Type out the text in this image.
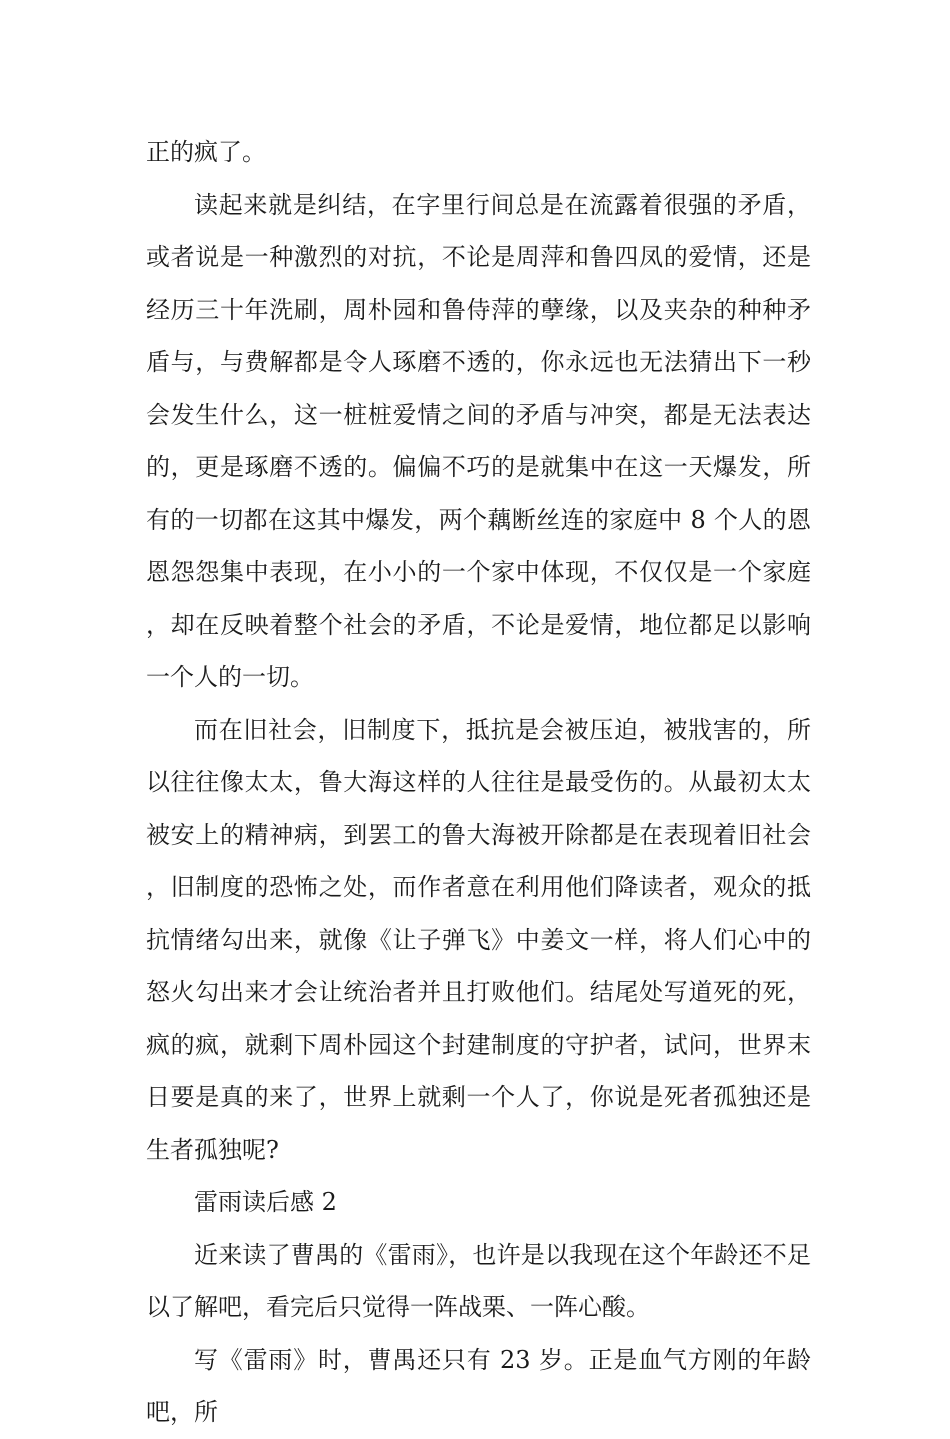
正的疯了。

读起来就是纠结，在字里行间总是在流露着很强的矛盾，或者说是一种激烈的对抗，不论是周萍和鲁四凤的爱情，还是经历三十年洗刷，周朴园和鲁侍萍的孽缘，以及夹杂的种种矛盾与，与费解都是令人琢磨不透的，你永远也无法猜出下一秒会发生什么，这一桩桩爱情之间的矛盾与冲突，都是无法表达的，更是琢磨不透的。偏偏不巧的是就集中在这一天爆发，所有的一切都在这其中爆发，两个藕断丝连的家庭中 8 个人的恩恩怨怨集中表现，在小小的一个家中体现，不仅仅是一个家庭，却在反映着整个社会的矛盾，不论是爱情，地位都足以影响一个人的一切。

而在旧社会，旧制度下，抵抗是会被压迫，被戕害的，所以往往像太太，鲁大海这样的人往往是最受伤的。从最初太太被安上的精神病，到罢工的鲁大海被开除都是在表现着旧社会，旧制度的恐怖之处，而作者意在利用他们降读者，观众的抵抗情绪勾出来，就像《让子弹飞》中姜文一样，将人们心中的怒火勾出来才会让统治者并且打败他们。结尾处写道死的死，疯的疯，就剩下周朴园这个封建制度的守护者，试问，世界末日要是真的来了，世界上就剩一个人了，你说是死者孤独还是生者孤独呢?

雷雨读后感 2

近来读了曹禺的《雷雨》，也许是以我现在这个年龄还不足以了解吧，看完后只觉得一阵战栗、一阵心酸。

写《雷雨》时，曹禺还只有 23 岁。正是血气方刚的年龄吧，所
